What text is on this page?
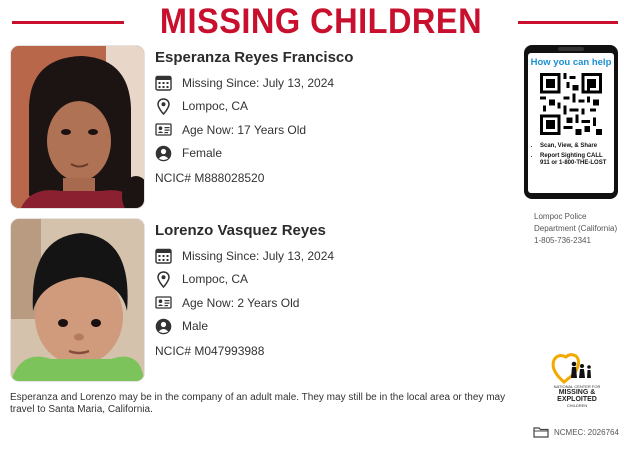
MISSING CHILDREN
Esperanza Reyes Francisco
Missing Since: July 13, 2024
Lompoc, CA
Age Now: 17 Years Old
Female
NCIC# M888028520
Lorenzo Vasquez Reyes
Missing Since: July 13, 2024
Lompoc, CA
Age Now: 2 Years Old
Male
NCIC# M047993988
How you can help
• Scan, View, & Share
• Report Sighting CALL 911 or 1-800-THE-LOST
Lompoc Police Department (California) 1-805-736-2341
NATIONAL CENTER FOR
MISSING &
EXPLOITED
CHILDREN
Esperanza and Lorenzo may be in the company of an adult male. They may still be in the local area or they may travel to Santa Maria, California.
NCMEC: 2026764
